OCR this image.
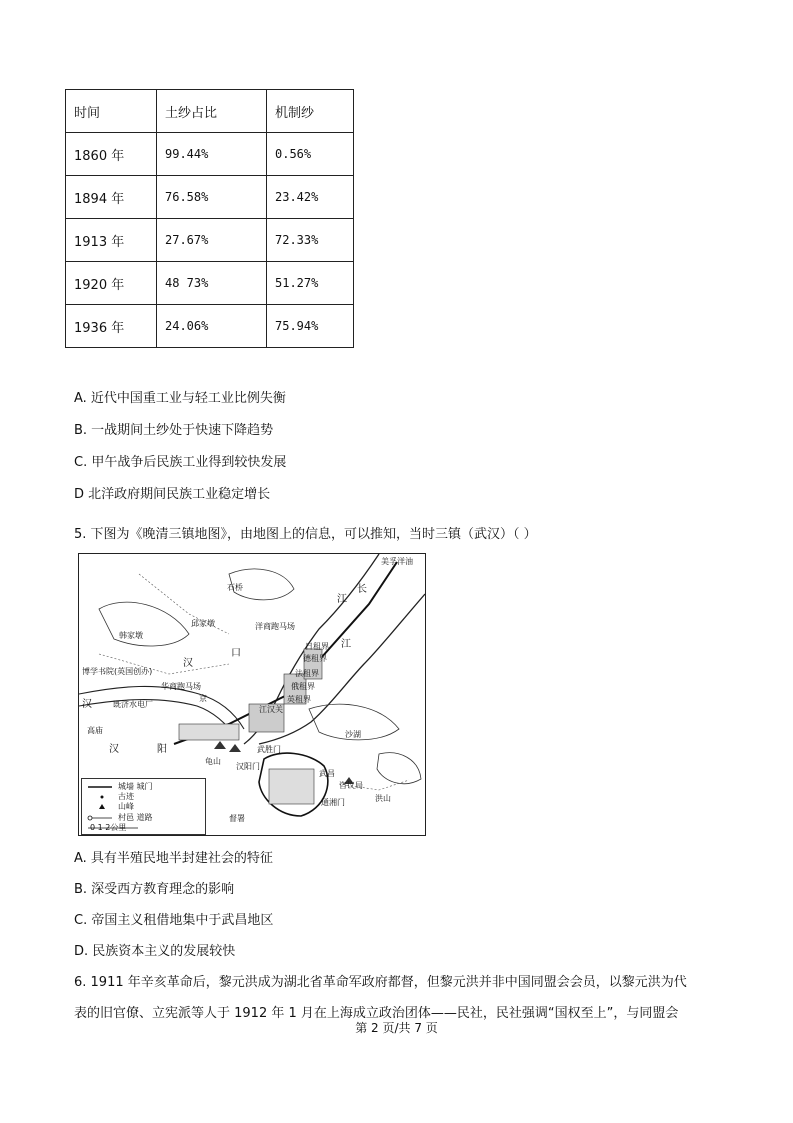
时间	土纱占比	机制纱
1860 年	99.44%	0.56%
1894 年	76.58%	23.42%
1913 年	27.67%	72.33%
1920 年	48 73%	51.27%
1936 年	24.06%	75.94%
A. 近代中国重工业与轻工业比例失衡
B. 一战期间土纱处于快速下降趋势
C. 甲午战争后民族工业得到较快发展
D 北洋政府期间民族工业稳定增长
5. 下图为《晚清三镇地图》，由地图上的信息，可以推知，当时三镇（武汉）（ ）
美孚洋油
石桥	长
江
邱家墩	洋商跑马场
江
韩家墩
日租界
口
汉	德租界
博学书院(英国创办)	法租界
华商跑马场	俄租界
英租界
京
汉	既济水电厂
江汉关
高庙	沙湖
汉	阳	武胜门
龟山
汉阳门
武昌
咨议局
洪山
通湘门
督署
城墙 城门
古迹
山峰
村邑 道路
0 1 2公里
A. 具有半殖民地半封建社会的特征
B. 深受西方教育理念的影响
C. 帝国主义租借地集中于武昌地区
D. 民族资本主义的发展较快
6. 1911 年辛亥革命后，黎元洪成为湖北省革命军政府都督，但黎元洪并非中国同盟会会员，以黎元洪为代
表的旧官僚、立宪派等人于 1912 年 1 月在上海成立政治团体——民社，民社强调“国权至上”，与同盟会
第 2 页/共 7 页
